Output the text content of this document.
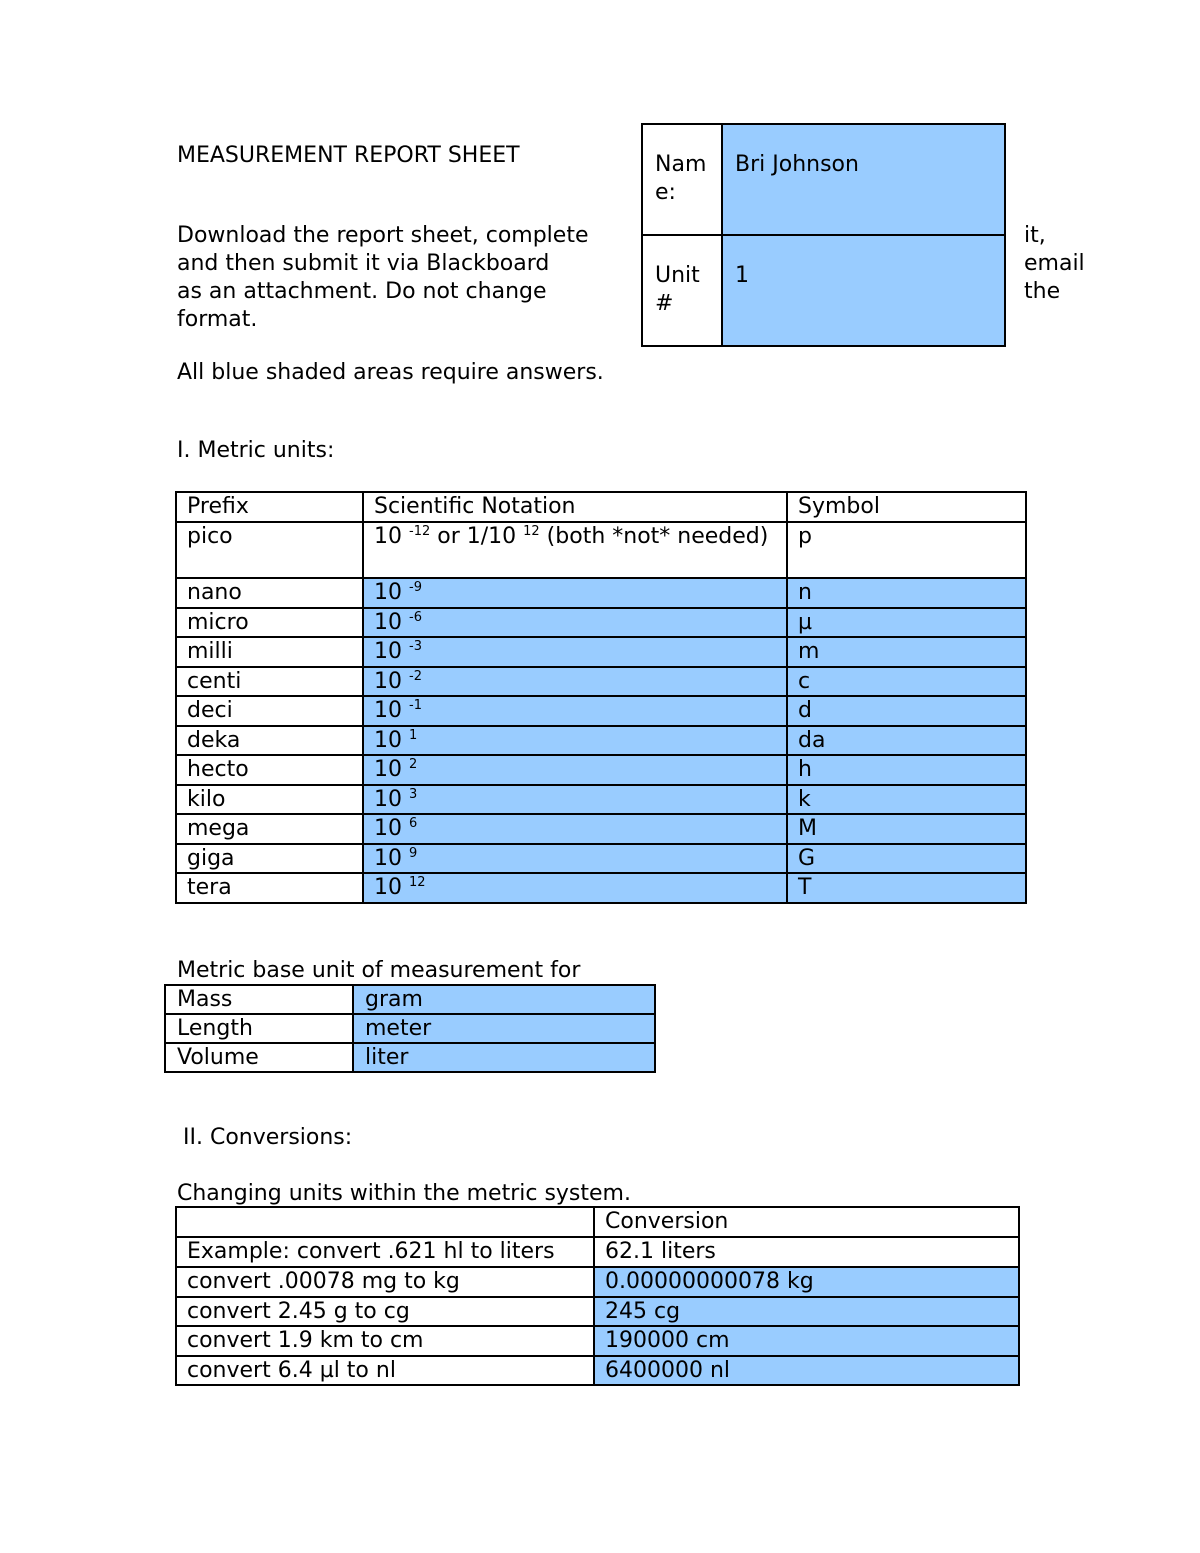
MEASUREMENT REPORT SHEET
Download the report sheet, complete
and then submit it via Blackboard
as an attachment. Do not change
format.
it,
email
the
All blue shaded areas require answers.
Nam e:	Bri Johnson
Unit #	1
I. Metric units:
Prefix	Scientific Notation	Symbol
pico	10 $^{-12}$ or 1/10 $^{12}$ (both *not* needed)	p
nano	10 $^{-9}$	n
micro	10 $^{-6}$	µ
milli	10 $^{-3}$	m
centi	10 $^{-2}$	c
deci	10 $^{-1}$	d
deka	10 $^1$	da
hecto	10 $^2$	h
kilo	10 $^3$	k
mega	10 $^6$	M
giga	10 $^9$	G
tera	10 $^{12}$	T
Metric base unit of measurement for
Mass	gram
Length	meter
Volume	liter
II. Conversions:
Changing units within the metric system.
	Conversion
Example: convert .621 hl to liters	62.1 liters
convert .00078 mg to kg	0.00000000078 kg
convert 2.45 g to cg	245 cg
convert 1.9 km to cm	190000 cm
convert 6.4 µl to nl	6400000 nl
